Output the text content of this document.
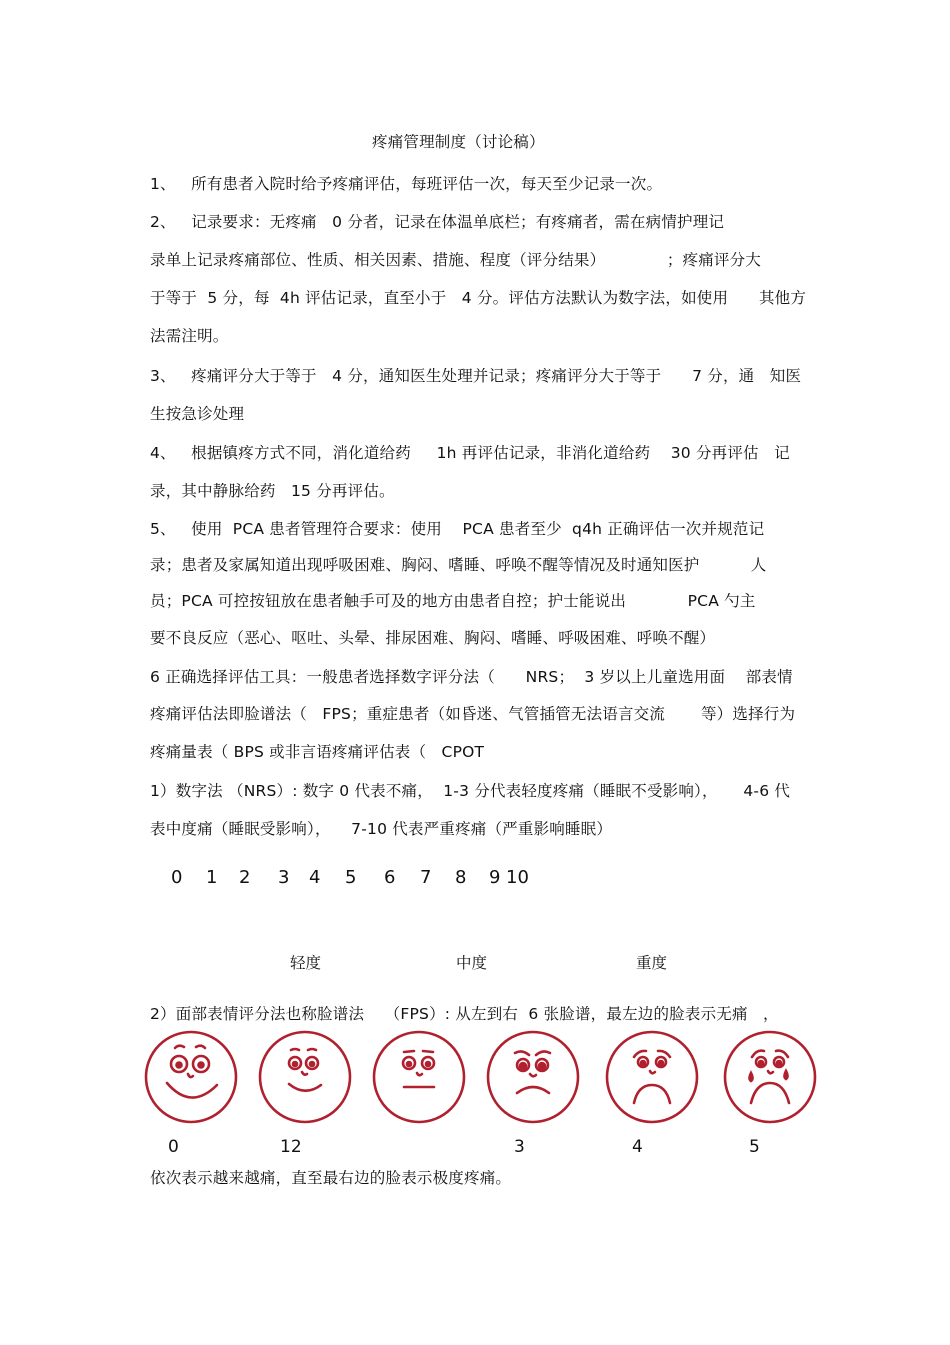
疼痛管理制度（讨论稿）
1、   所有患者入院时给予疼痛评估，每班评估一次，每天至少记录一次。
2、   记录要求：无疼痛   0 分者，记录在体温单底栏；有疼痛者，需在病情护理记
录单上记录疼痛部位、性质、相关因素、措施、程度（评分结果）            ；疼痛评分大
于等于  5 分，每  4h 评估记录，直至小于   4 分。评估方法默认为数字法，如使用      其他方
法需注明。
3、   疼痛评分大于等于   4 分，通知医生处理并记录；疼痛评分大于等于      7 分，通   知医
生按急诊处理
4、   根据镇疼方式不同，消化道给药     1h 再评估记录，非消化道给药    30 分再评估   记
录，其中静脉给药   15 分再评估。
5、   使用  PCA 患者管理符合要求：使用    PCA 患者至少  q4h 正确评估一次并规范记
录；患者及家属知道出现呼吸困难、胸闷、嗜睡、呼唤不醒等情况及时通知医护          人
员；PCA 可控按钮放在患者触手可及的地方由患者自控；护士能说出            PCA 勺主
要不良反应（恶心、呕吐、头晕、排尿困难、胸闷、嗜睡、呼吸困难、呼唤不醒）
6 正确选择评估工具：一般患者选择数字评分法（      NRS；  3 岁以上儿童选用面    部表情
疼痛评估法即脸谱法（   FPS；重症患者（如昏迷、气管插管无法语言交流       等）选择行为
疼痛量表（ BPS 或非言语疼痛评估表（   CPOT
1）数字法 （NRS）: 数字 0 代表不痛，  1-3 分代表轻度疼痛（睡眠不受影响），     4-6 代
表中度痛（睡眠受影响），    7-10 代表严重疼痛（严重影响睡眠）
0 1 2 3 4 5 6 7 8 9 10
轻度	中度	重度
2）面部表情评分法也称脸谱法    （FPS）: 从左到右  6 张脸谱，最左边的脸表示无痛   ，
0	12	3	4	5
依次表示越来越痛，直至最右边的脸表示极度疼痛。
